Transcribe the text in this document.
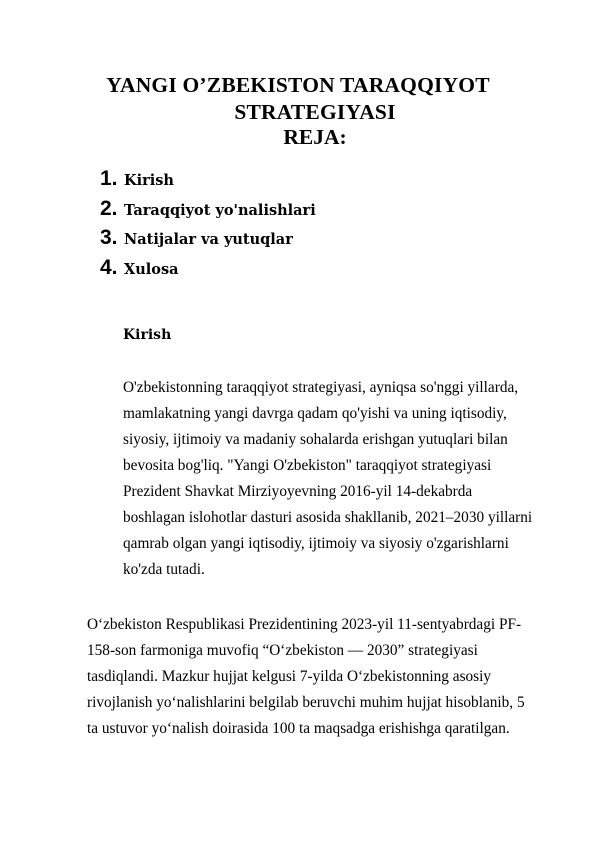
YANGI O’ZBEKISTON TARAQQIYOT
STRATEGIYASI
REJA:
1. Kirish
2. Taraqqiyot yo'nalishlari
3. Natijalar va yutuqlar
4. Xulosa
Kirish

O'zbekistonning taraqqiyot strategiyasi, ayniqsa so'nggi yillarda,
mamlakatning yangi davrga qadam qo'yishi va uning iqtisodiy,
siyosiy, ijtimoiy va madaniy sohalarda erishgan yutuqlari bilan
bevosita bog'liq. "Yangi O'zbekiston" taraqqiyot strategiyasi
Prezident Shavkat Mirziyoyevning 2016-yil 14-dekabrda
boshlagan islohotlar dasturi asosida shakllanib, 2021–2030 yillarni
qamrab olgan yangi iqtisodiy, ijtimoiy va siyosiy o'zgarishlarni
ko'zda tutadi.

O‘zbekiston Respublikasi Prezidentining 2023-yil 11-sentyabrdagi PF-
158-son farmoniga muvofiq “O‘zbekiston — 2030” strategiyasi
tasdiqlandi. Mazkur hujjat kelgusi 7-yilda O‘zbekistonning asosiy
rivojlanish yo‘nalishlarini belgilab beruvchi muhim hujjat hisoblanib, 5
ta ustuvor yo‘nalish doirasida 100 ta maqsadga erishishga qaratilgan.
